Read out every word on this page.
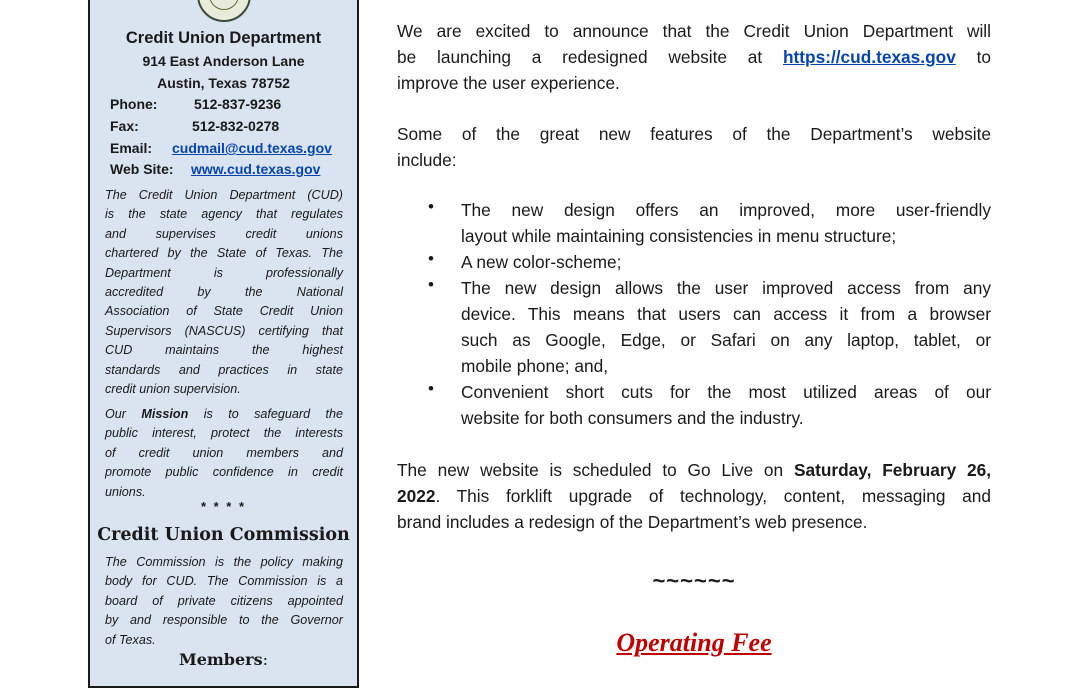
Credit Union Department
914 East Anderson Lane
Austin, Texas 78752
Phone:	512-837-9236
Fax:	512-832-0278
Email: cudmail@cud.texas.gov
Web Site: www.cud.texas.gov
The Credit Union Department (CUD)
is the state agency that regulates
and supervises credit unions
chartered by the State of Texas. The
Department is professionally
accredited by the National
Association of State Credit Union
Supervisors (NASCUS) certifying that
CUD maintains the highest
standards and practices in state
credit union supervision.
Our Mission is to safeguard the
public interest, protect the interests
of credit union members and
promote public confidence in credit
unions.
* * * *
Credit Union Commission
The Commission is the policy making
body for CUD. The Commission is a
board of private citizens appointed
by and responsible to the Governor
of Texas.
Members:
We are excited to announce that the Credit Union Department will
be launching a redesigned website at https://cud.texas.gov to
improve the user experience.
Some of the great new features of the Department’s website
include:
• The new design offers an improved, more user-friendly
layout while maintaining consistencies in menu structure;
• A new color-scheme;
• The new design allows the user improved access from any
device. This means that users can access it from a browser
such as Google, Edge, or Safari on any laptop, tablet, or
mobile phone; and,
• Convenient short cuts for the most utilized areas of our
website for both consumers and the industry.
The new website is scheduled to Go Live on Saturday, February 26,
2022. This forklift upgrade of technology, content, messaging and
brand includes a redesign of the Department’s web presence.
~~~~~~
Operating Fee
